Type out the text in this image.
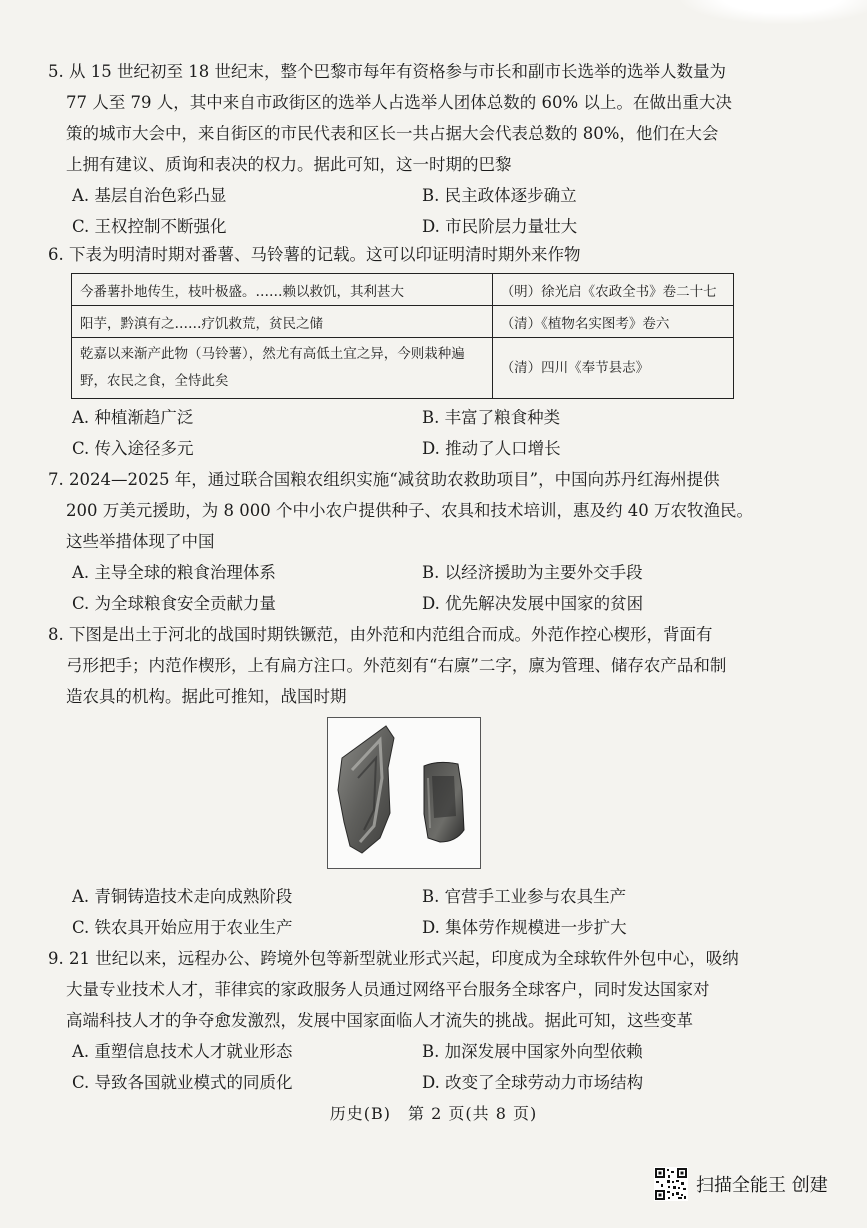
5. 从 15 世纪初至 18 世纪末，整个巴黎市每年有资格参与市长和副市长选举的选举人数量为
77 人至 79 人，其中来自市政街区的选举人占选举人团体总数的 60% 以上。在做出重大决
策的城市大会中，来自街区的市民代表和区长一共占据大会代表总数的 80%，他们在大会
上拥有建议、质询和表决的权力。据此可知，这一时期的巴黎
A. 基层自治色彩凸显	B. 民主政体逐步确立
C. 王权控制不断强化	D. 市民阶层力量壮大
6. 下表为明清时期对番薯、马铃薯的记载。这可以印证明清时期外来作物
今番薯扑地传生，枝叶极盛。……赖以救饥，其利甚大	（明）徐光启《农政全书》卷二十七
阳芋，黔滇有之……疗饥救荒，贫民之储	（清）《植物名实图考》卷六
乾嘉以来渐产此物（马铃薯），然尤有高低土宜之异，今则栽种遍野，农民之食，全恃此矣	（清）四川《奉节县志》
A. 种植渐趋广泛	B. 丰富了粮食种类
C. 传入途径多元	D. 推动了人口增长
7. 2024—2025 年，通过联合国粮农组织实施“减贫助农救助项目”，中国向苏丹红海州提供
200 万美元援助，为 8 000 个中小农户提供种子、农具和技术培训，惠及约 40 万农牧渔民。
这些举措体现了中国
A. 主导全球的粮食治理体系	B. 以经济援助为主要外交手段
C. 为全球粮食安全贡献力量	D. 优先解决发展中国家的贫困
8. 下图是出土于河北的战国时期铁镢范，由外范和内范组合而成。外范作控心楔形，背面有
弓形把手；内范作楔形，上有扁方注口。外范刻有“右廪”二字，廪为管理、储存农产品和制
造农具的机构。据此可推知，战国时期
A. 青铜铸造技术走向成熟阶段	B. 官营手工业参与农具生产
C. 铁农具开始应用于农业生产	D. 集体劳作规模进一步扩大
9. 21 世纪以来，远程办公、跨境外包等新型就业形式兴起，印度成为全球软件外包中心，吸纳
大量专业技术人才，菲律宾的家政服务人员通过网络平台服务全球客户，同时发达国家对
高端科技人才的争夺愈发激烈，发展中国家面临人才流失的挑战。据此可知，这些变革
A. 重塑信息技术人才就业形态	B. 加深发展中国家外向型依赖
C. 导致各国就业模式的同质化	D. 改变了全球劳动力市场结构
历史(B)　第 2 页(共 8 页)
扫描全能王 创建
